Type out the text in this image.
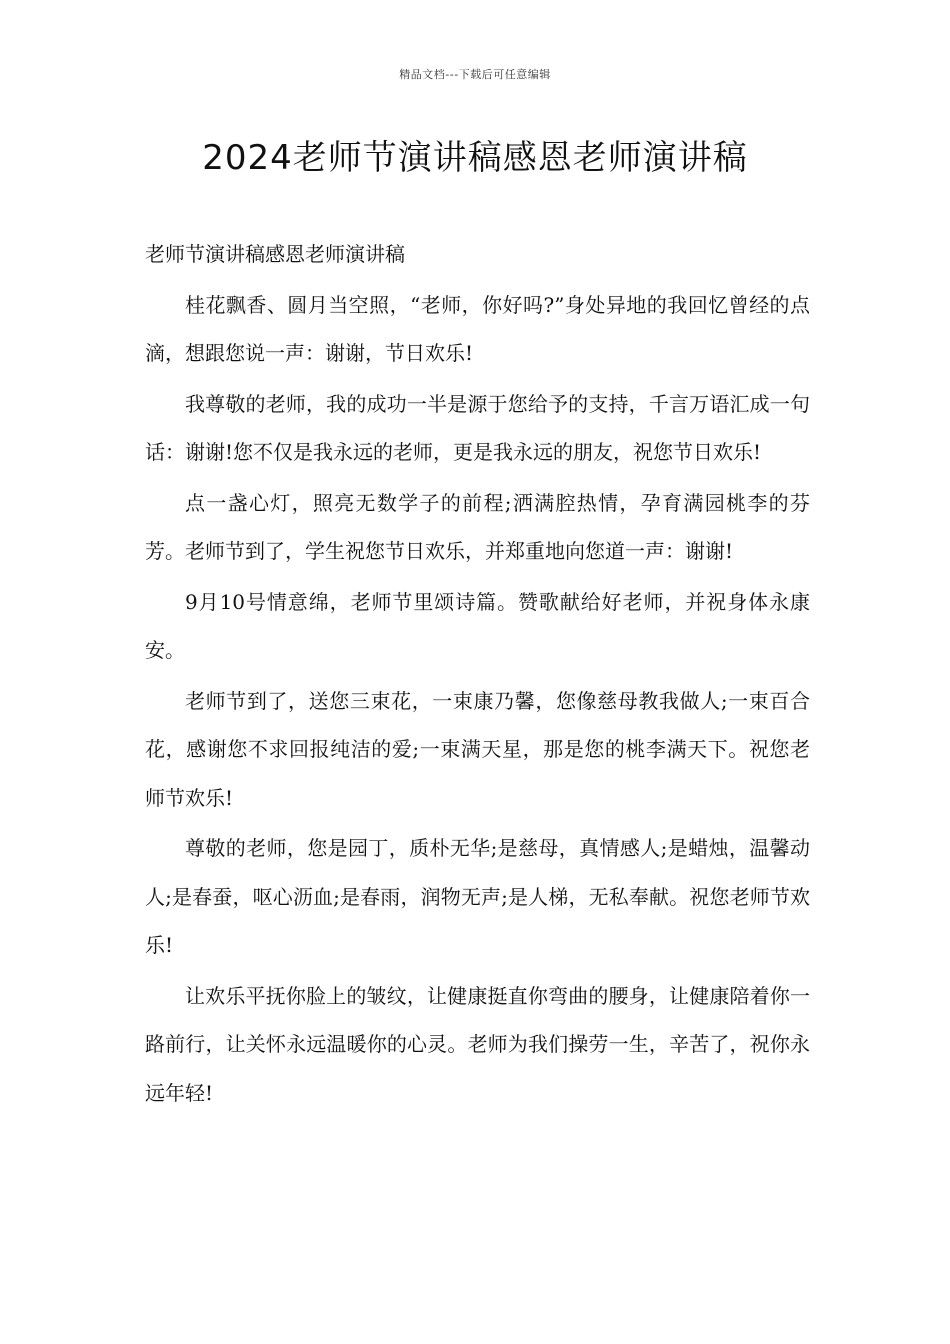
精品文档---下载后可任意编辑
2024老师节演讲稿感恩老师演讲稿

老师节演讲稿感恩老师演讲稿

桂花飘香、圆月当空照，“老师，你好吗?”身处异地的我回忆曾经的点滴，想跟您说一声：谢谢，节日欢乐!

我尊敬的老师，我的成功一半是源于您给予的支持，千言万语汇成一句话：谢谢!您不仅是我永远的老师，更是我永远的朋友，祝您节日欢乐!

点一盏心灯，照亮无数学子的前程;洒满腔热情，孕育满园桃李的芬芳。老师节到了，学生祝您节日欢乐，并郑重地向您道一声：谢谢!

9月10号情意绵，老师节里颂诗篇。赞歌献给好老师，并祝身体永康安。

老师节到了，送您三束花，一束康乃馨，您像慈母教我做人;一束百合花，感谢您不求回报纯洁的爱;一束满天星，那是您的桃李满天下。祝您老师节欢乐!

尊敬的老师，您是园丁，质朴无华;是慈母，真情感人;是蜡烛，温馨动人;是春蚕，呕心沥血;是春雨，润物无声;是人梯，无私奉献。祝您老师节欢乐!

让欢乐平抚你脸上的皱纹，让健康挺直你弯曲的腰身，让健康陪着你一路前行，让关怀永远温暖你的心灵。老师为我们操劳一生，辛苦了，祝你永远年轻!
